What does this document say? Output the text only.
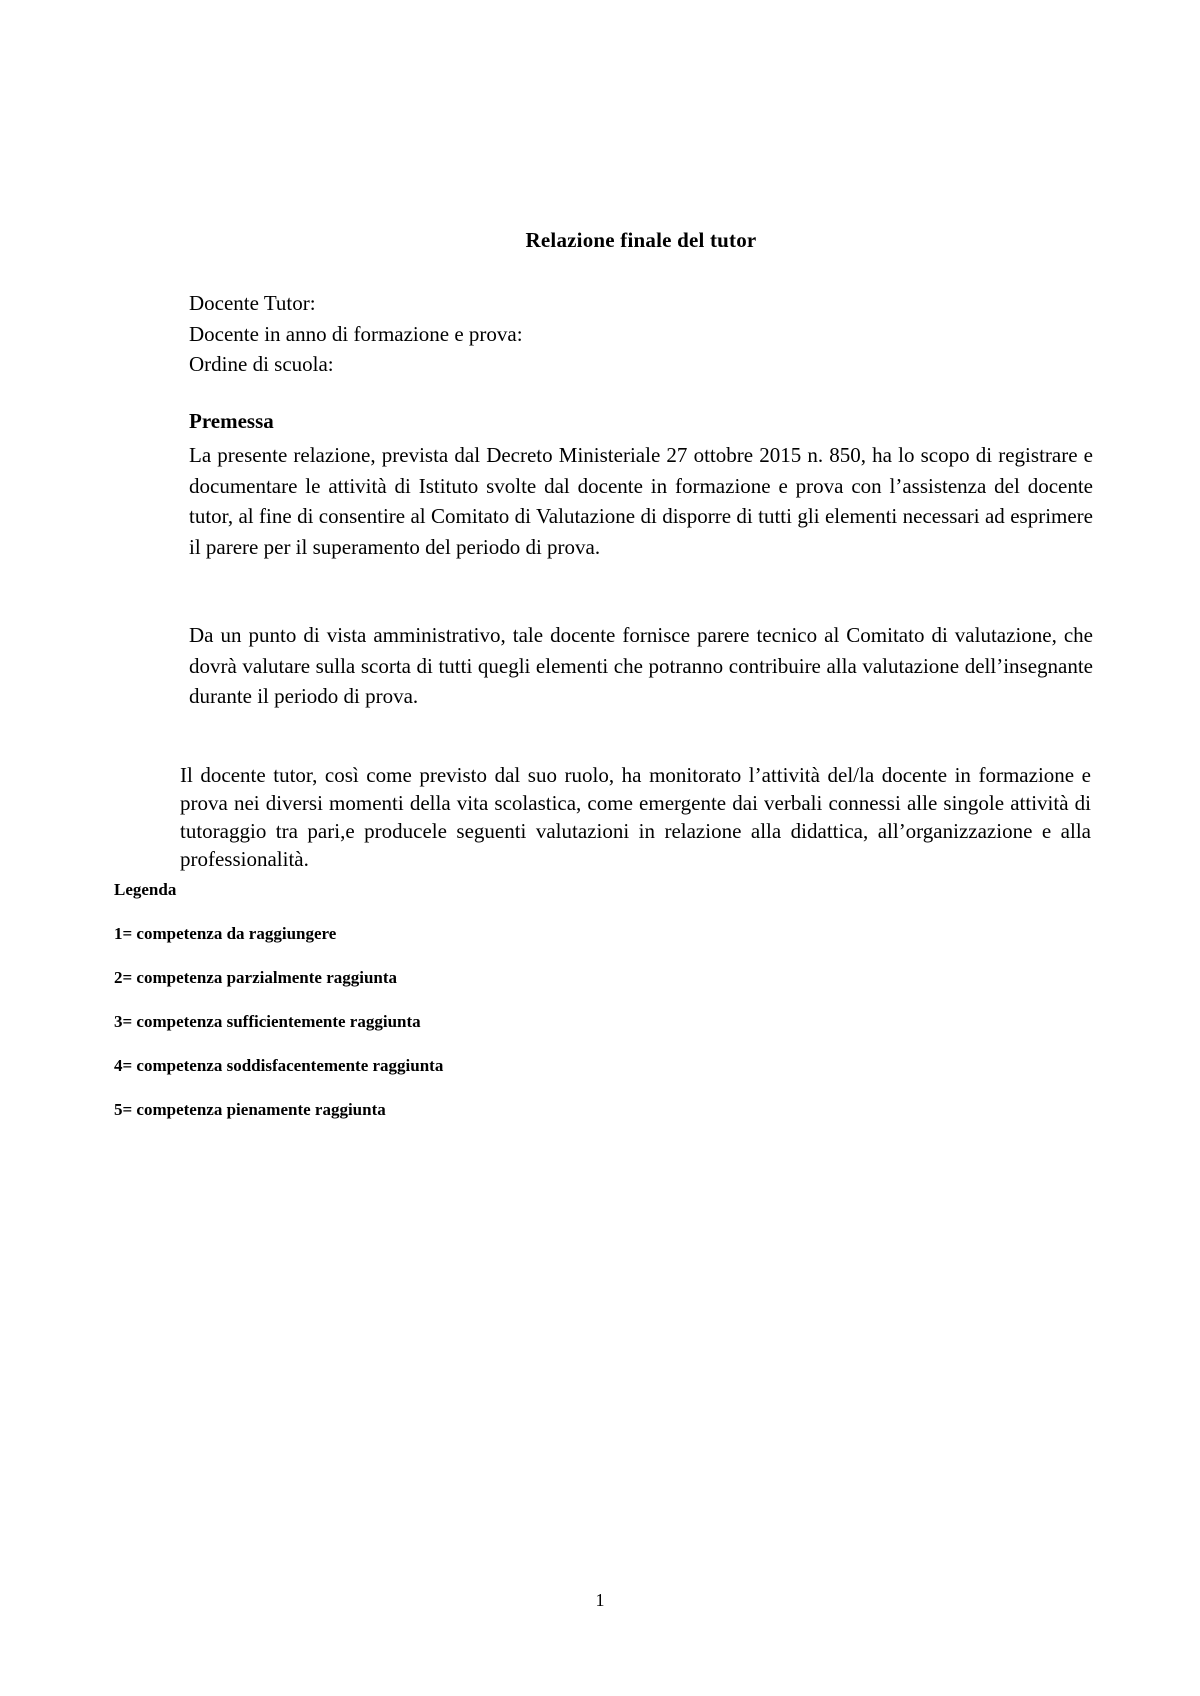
Relazione finale del tutor
Docente Tutor:
Docente in anno di formazione e prova:
Ordine di scuola:
Premessa

La presente relazione, prevista dal Decreto Ministeriale 27 ottobre 2015 n. 850, ha lo scopo di registrare e documentare le attività di Istituto svolte dal docente in formazione e prova con l’assistenza del docente tutor, al fine di consentire al Comitato di Valutazione di disporre di tutti gli elementi necessari ad esprimere il parere per il superamento del periodo di prova.

Da un punto di vista amministrativo, tale docente fornisce parere tecnico al Comitato di valutazione, che dovrà valutare sulla scorta di tutti quegli elementi che potranno contribuire alla valutazione dell’insegnante durante il periodo di prova.

Il docente tutor, così come previsto dal suo ruolo, ha monitorato l’attività del/la docente in formazione e prova nei diversi momenti della vita scolastica, come emergente dai verbali connessi alle singole attività di tutoraggio tra pari,e producele seguenti valutazioni in relazione alla didattica, all’organizzazione e alla professionalità.

Legenda
1= competenza da raggiungere
2= competenza parzialmente raggiunta
3= competenza sufficientemente raggiunta
4= competenza soddisfacentemente raggiunta
5= competenza pienamente raggiunta
1
